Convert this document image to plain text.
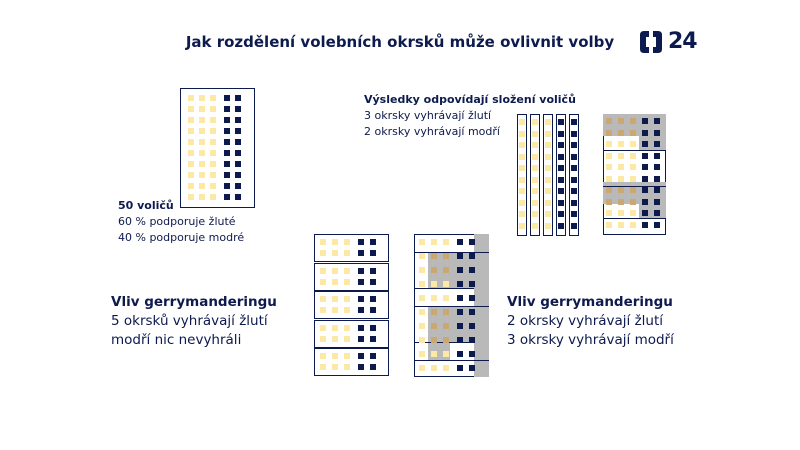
Jak rozdělení volebních okrsků může ovlivnit volby	24
50 voličů
60 % podporuje žluté
40 % podporuje modré
Výsledky odpovídají složení voličů
3 okrsky vyhrávají žlutí
2 okrsky vyhrávají modří
Vliv gerrymanderingu
5 okrsků vyhrávají žlutí
modří nic nevyhráli
Vliv gerrymanderingu
2 okrsky vyhrávají žlutí
3 okrsky vyhrávají modří
